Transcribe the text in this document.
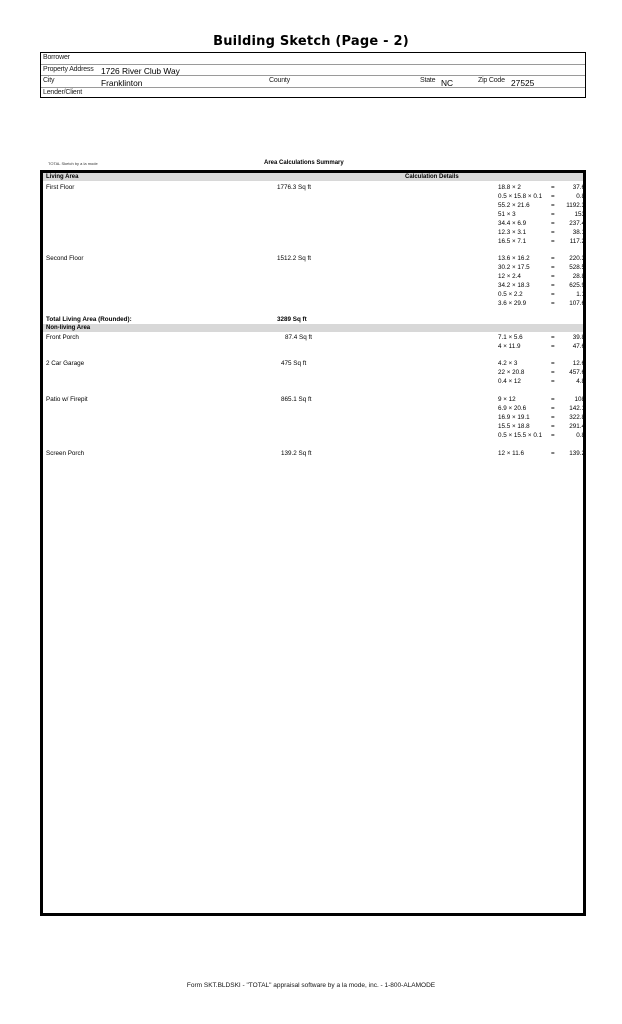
Building Sketch (Page - 2)
Borrower
Property Address 1726 River Club Way
City	Franklinton	County	State NC	Zip Code 27525
Lender/Client
TOTAL Sketch by a la mode	Area Calculations Summary
Living Area	Calculation Details
First Floor	1776.3 Sq ft	18.8 × 2	=	37.6
0.5 × 15.8 × 0.1 =	0.8
55.2 × 21.6	= 1192.3
51 × 3	=	153
34.4 × 6.9	= 237.4
12.3 × 3.1	=	38.1
16.5 × 7.1	= 117.2
Second Floor	1512.2 Sq ft	13.6 × 16.2	= 220.3
30.2 × 17.5	= 528.5
12 × 2.4	=	28.8
34.2 × 18.3	= 625.9
0.5 × 2.2	=	1.1
3.6 × 29.9	= 107.6
Total Living Area (Rounded):	3289 Sq ft
Non-living Area
Front Porch	87.4 Sq ft	7.1 × 5.6	=	39.8
4 × 11.9	=	47.6
2 Car Garage	475 Sq ft	4.2 × 3	=	12.6
22 × 20.8	= 457.6
0.4 × 12	=	4.8
Patio w/ Firepit	865.1 Sq ft	9 × 12	=	108
6.9 × 20.6	= 142.1
16.9 × 19.1	= 322.8
15.5 × 18.8	= 291.4
0.5 × 15.5 × 0.1 =	0.8
Screen Porch	139.2 Sq ft	12 × 11.6	= 139.2
Form SKT.BLDSKI - "TOTAL" appraisal software by a la mode, inc. - 1-800-ALAMODE
